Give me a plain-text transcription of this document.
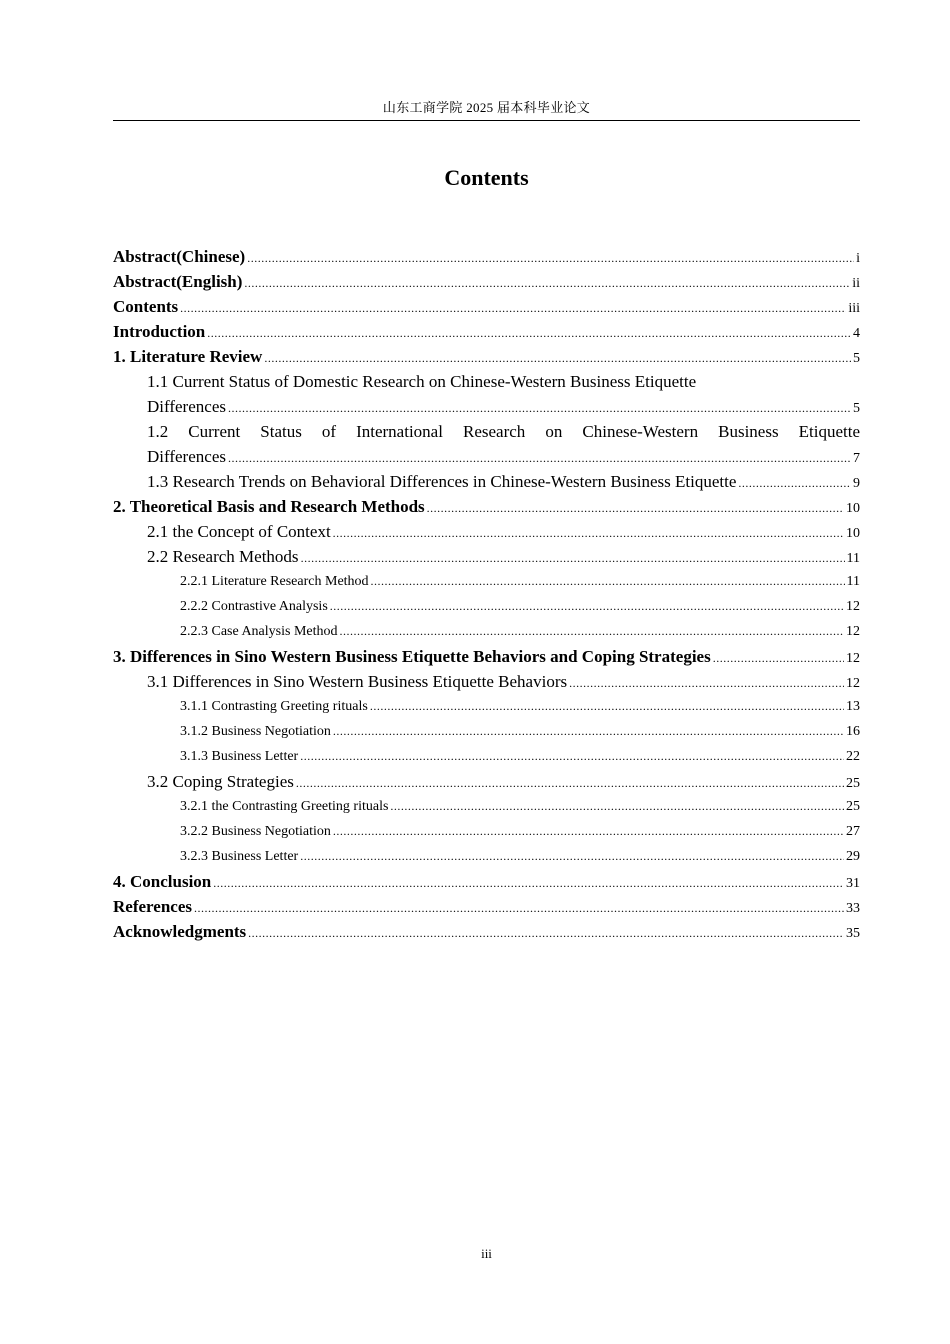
山东工商学院 2025 届本科毕业论文
Contents
Abstract(Chinese) .....	i
Abstract(English) .....	ii
Contents .....	iii
Introduction .....	4
1. Literature Review .....	5
1.1 Current Status of Domestic Research on Chinese-Western Business Etiquette
Differences .....	5
1.2 Current Status of International Research on Chinese-Western Business Etiquette
Differences .....	7
1.3 Research Trends on Behavioral Differences in Chinese-Western Business Etiquette .....	9
2. Theoretical Basis and Research Methods .....	10
2.1 the Concept of Context .....	10
2.2 Research Methods .....	11
2.2.1 Literature Research Method .....	11
2.2.2 Contrastive Analysis .....	12
2.2.3 Case Analysis Method .....	12
3. Differences in Sino Western Business Etiquette Behaviors and Coping Strategies .....	12
3.1 Differences in Sino Western Business Etiquette Behaviors .....	12
3.1.1 Contrasting Greeting rituals .....	13
3.1.2 Business Negotiation .....	16
3.1.3 Business Letter .....	22
3.2 Coping Strategies .....	25
3.2.1 the Contrasting Greeting rituals .....	25
3.2.2 Business Negotiation .....	27
3.2.3 Business Letter .....	29
4. Conclusion .....	31
References .....	33
Acknowledgments .....	35
iii
